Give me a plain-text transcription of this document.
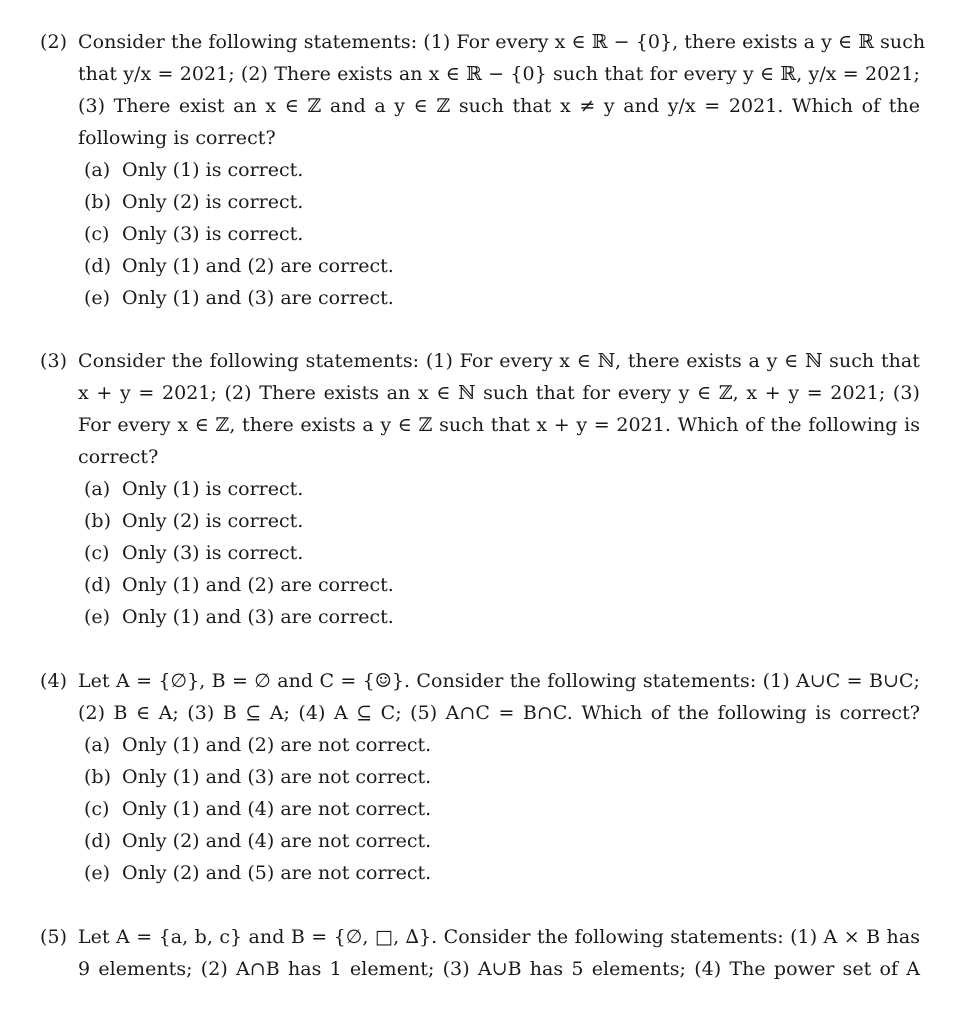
(2) Consider the following statements: (1) For every x ∈ ℝ − {0}, there exists a y ∈ ℝ such
that y/x = 2021; (2) There exists an x ∈ ℝ − {0} such that for every y ∈ ℝ, y/x = 2021;
(3) There exist an x ∈ ℤ and a y ∈ ℤ such that x ≠ y and y/x = 2021. Which of the
following is correct?
(a) Only (1) is correct.
(b) Only (2) is correct.
(c) Only (3) is correct.
(d) Only (1) and (2) are correct.
(e) Only (1) and (3) are correct.
(3) Consider the following statements: (1) For every x ∈ ℕ, there exists a y ∈ ℕ such that
x + y = 2021; (2) There exists an x ∈ ℕ such that for every y ∈ ℤ, x + y = 2021; (3)
For every x ∈ ℤ, there exists a y ∈ ℤ such that x + y = 2021. Which of the following is
correct?
(a) Only (1) is correct.
(b) Only (2) is correct.
(c) Only (3) is correct.
(d) Only (1) and (2) are correct.
(e) Only (1) and (3) are correct.
(4) Let A = {∅}, B = ∅ and C = {☺}. Consider the following statements: (1) A∪C = B∪C;
(2) B ∈ A; (3) B ⊆ A; (4) A ⊆ C; (5) A∩C = B∩C. Which of the following is correct?
(a) Only (1) and (2) are not correct.
(b) Only (1) and (3) are not correct.
(c) Only (1) and (4) are not correct.
(d) Only (2) and (4) are not correct.
(e) Only (2) and (5) are not correct.
(5) Let A = {a, b, c} and B = {∅, □, ∆}. Consider the following statements: (1) A × B has
9 elements; (2) A∩B has 1 element; (3) A∪B has 5 elements; (4) The power set of A
